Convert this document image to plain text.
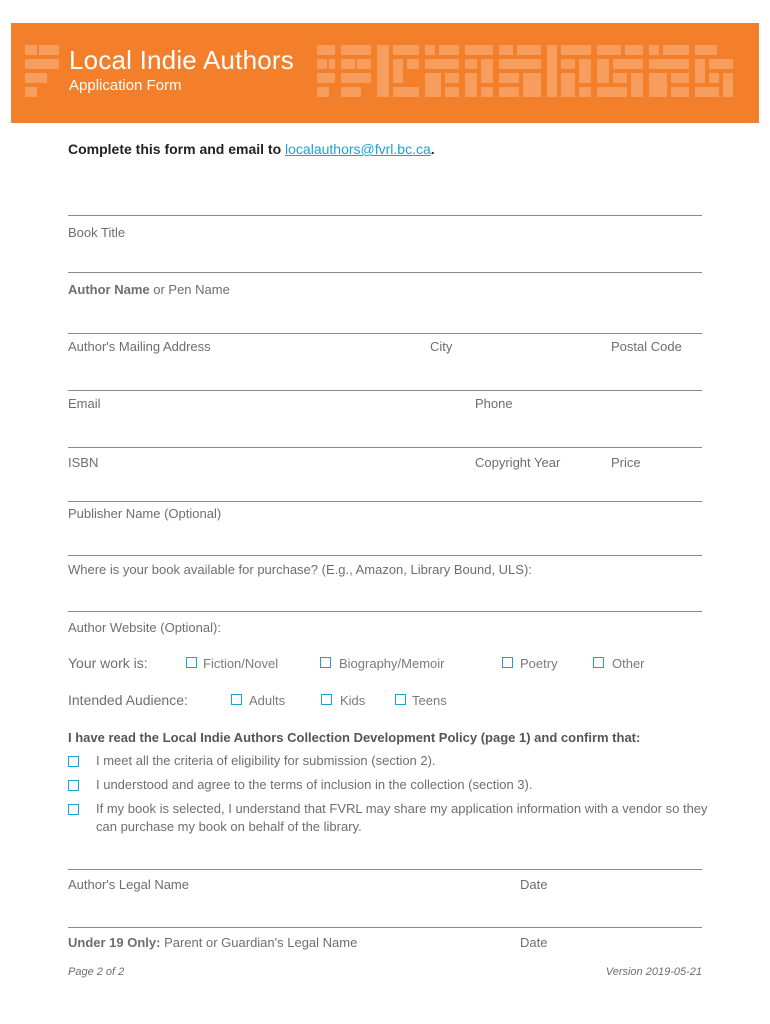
Local Indie Authors
Application Form
Complete this form and email to localauthors@fvrl.bc.ca.
Book Title
Author Name or Pen Name
Author's Mailing Address	City	Postal Code
Email	Phone
ISBN	Copyright Year	Price
Publisher Name (Optional)
Where is your book available for purchase? (E.g., Amazon, Library Bound, ULS):
Author Website (Optional):
Your work is:	Fiction/Novel	Biography/Memoir	Poetry	Other
Intended Audience:	Adults	Kids	Teens
I have read the Local Indie Authors Collection Development Policy (page 1) and confirm that:
I meet all the criteria of eligibility for submission (section 2).
I understood and agree to the terms of inclusion in the collection (section 3).
If my book is selected, I understand that FVRL may share my application information with a vendor so they
can purchase my book on behalf of the library.
Author's Legal Name	Date
Under 19 Only: Parent or Guardian's Legal Name	Date
Page 2 of 2	Version 2019-05-21
